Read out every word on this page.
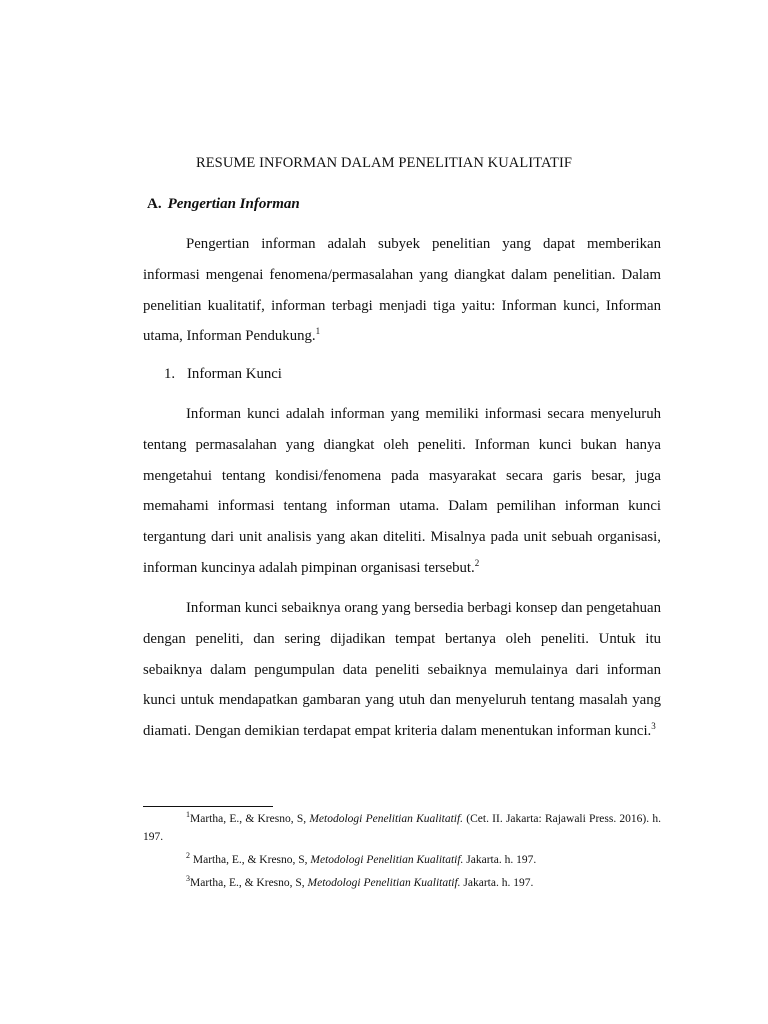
RESUME INFORMAN DALAM PENELITIAN KUALITATIF
A. Pengertian Informan

Pengertian informan adalah subyek penelitian yang dapat memberikan informasi mengenai fenomena/permasalahan yang diangkat dalam penelitian. Dalam penelitian kualitatif, informan terbagi menjadi tiga yaitu: Informan kunci, Informan utama, Informan Pendukung.$^1$

1. Informan Kunci

Informan kunci adalah informan yang memiliki informasi secara menyeluruh tentang permasalahan yang diangkat oleh peneliti. Informan kunci bukan hanya mengetahui tentang kondisi/fenomena pada masyarakat secara garis besar, juga memahami informasi tentang informan utama. Dalam pemilihan informan kunci tergantung dari unit analisis yang akan diteliti. Misalnya pada unit sebuah organisasi, informan kuncinya adalah pimpinan organisasi tersebut.$^2$

Informan kunci sebaiknya orang yang bersedia berbagi konsep dan pengetahuan dengan peneliti, dan sering dijadikan tempat bertanya oleh peneliti. Untuk itu sebaiknya dalam pengumpulan data peneliti sebaiknya memulainya dari informan kunci untuk mendapatkan gambaran yang utuh dan menyeluruh tentang masalah yang diamati. Dengan demikian terdapat empat kriteria dalam menentukan informan kunci.$^3$

$^1$Martha, E., & Kresno, S, Metodologi Penelitian Kualitatif. (Cet. II. Jakarta: Rajawali Press. 2016). h. 197.

$^2$ Martha, E., & Kresno, S, Metodologi Penelitian Kualitatif. Jakarta. h. 197.

$^3$Martha, E., & Kresno, S, Metodologi Penelitian Kualitatif. Jakarta. h. 197.
